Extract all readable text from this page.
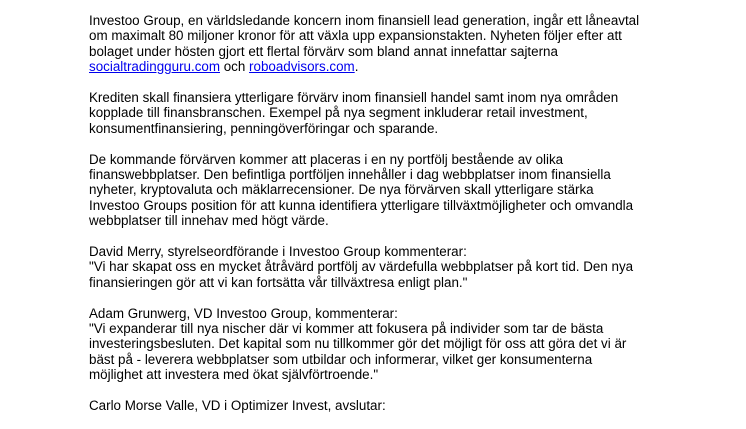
Investoo Group, en världsledande koncern inom finansiell lead generation, ingår ett låneavtal
om maximalt 80 miljoner kronor för att växla upp expansionstakten. Nyheten följer efter att
bolaget under hösten gjort ett flertal förvärv som bland annat innefattar sajterna
socialtradingguru.com och roboadvisors.com.

Krediten skall finansiera ytterligare förvärv inom finansiell handel samt inom nya områden
kopplade till finansbranschen. Exempel på nya segment inkluderar retail investment,
konsumentfinansiering, penningöverföringar och sparande.

De kommande förvärven kommer att placeras i en ny portfölj bestående av olika
finanswebbplatser. Den befintliga portföljen innehåller i dag webbplatser inom finansiella
nyheter, kryptovaluta och mäklarrecensioner. De nya förvärven skall ytterligare stärka
Investoo Groups position för att kunna identifiera ytterligare tillväxtmöjligheter och omvandla
webbplatser till innehav med högt värde.

David Merry, styrelseordförande i Investoo Group kommenterar:
"Vi har skapat oss en mycket åtråvärd portfölj av värdefulla webbplatser på kort tid. Den nya
finansieringen gör att vi kan fortsätta vår tillväxtresa enligt plan."

Adam Grunwerg, VD Investoo Group, kommenterar:
"Vi expanderar till nya nischer där vi kommer att fokusera på individer som tar de bästa
investeringsbesluten. Det kapital som nu tillkommer gör det möjligt för oss att göra det vi är
bäst på - leverera webbplatser som utbildar och informerar, vilket ger konsumenterna
möjlighet att investera med ökat självförtroende."

Carlo Morse Valle, VD i Optimizer Invest, avslutar:
